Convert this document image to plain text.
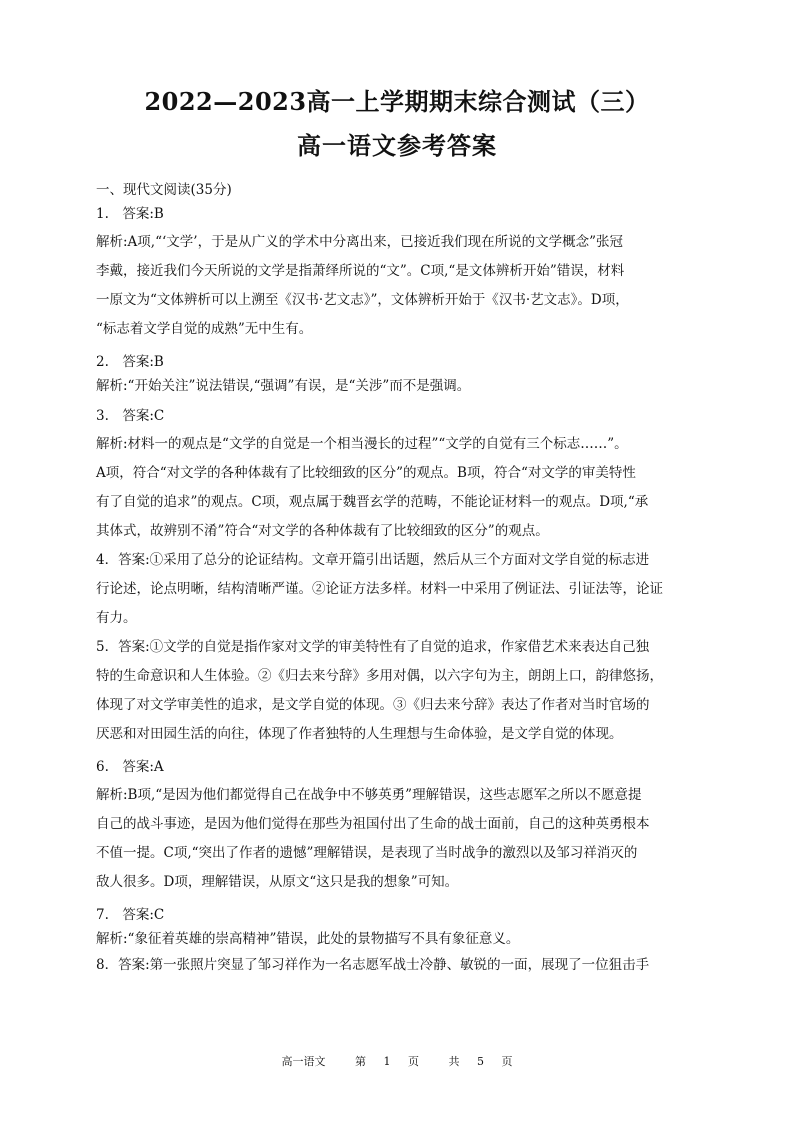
2022—2023高一上学期期末综合测试（三）
高一语文参考答案
一、现代文阅读(35分)
1.　答案:B

解析:A项,“‘文学’，于是从广义的学术中分离出来，已接近我们现在所说的文学概念”张冠

李戴，接近我们今天所说的文学是指萧绎所说的“文”。C项,“是文体辨析开始”错误，材料

一原文为“文体辨析可以上溯至《汉书·艺文志》”，文体辨析开始于《汉书·艺文志》。D项，

“标志着文学自觉的成熟”无中生有。

2.　答案:B

解析:“开始关注”说法错误,“强调”有误，是“关涉”而不是强调。

3.　答案:C

解析:材料一的观点是“文学的自觉是一个相当漫长的过程”“文学的自觉有三个标志……”。

A项，符合“对文学的各种体裁有了比较细致的区分”的观点。B项，符合“对文学的审美特性

有了自觉的追求”的观点。C项，观点属于魏晋玄学的范畴，不能论证材料一的观点。D项,“承

其体式，故辨别不淆”符合“对文学的各种体裁有了比较细致的区分”的观点。

4．答案:①采用了总分的论证结构。文章开篇引出话题，然后从三个方面对文学自觉的标志进

行论述，论点明晰，结构清晰严谨。②论证方法多样。材料一中采用了例证法、引证法等，论证

有力。

5．答案:①文学的自觉是指作家对文学的审美特性有了自觉的追求，作家借艺术来表达自己独

特的生命意识和人生体验。②《归去来兮辞》多用对偶，以六字句为主，朗朗上口，韵律悠扬，

体现了对文学审美性的追求，是文学自觉的体现。③《归去来兮辞》表达了作者对当时官场的

厌恶和对田园生活的向往，体现了作者独特的人生理想与生命体验，是文学自觉的体现。

6.　答案:A

解析:B项,“是因为他们都觉得自己在战争中不够英勇”理解错误，这些志愿军之所以不愿意提

自己的战斗事迹，是因为他们觉得在那些为祖国付出了生命的战士面前，自己的这种英勇根本

不值一提。C项,“突出了作者的遗憾”理解错误，是表现了当时战争的激烈以及邹习祥消灭的

敌人很多。D项，理解错误，从原文“这只是我的想象”可知。

7.　答案:C

解析:“象征着英雄的崇高精神”错误，此处的景物描写不具有象征意义。

8．答案:第一张照片突显了邹习祥作为一名志愿军战士冷静、敏锐的一面，展现了一位狙击手

高一语文	第 1 页	共 5 页
